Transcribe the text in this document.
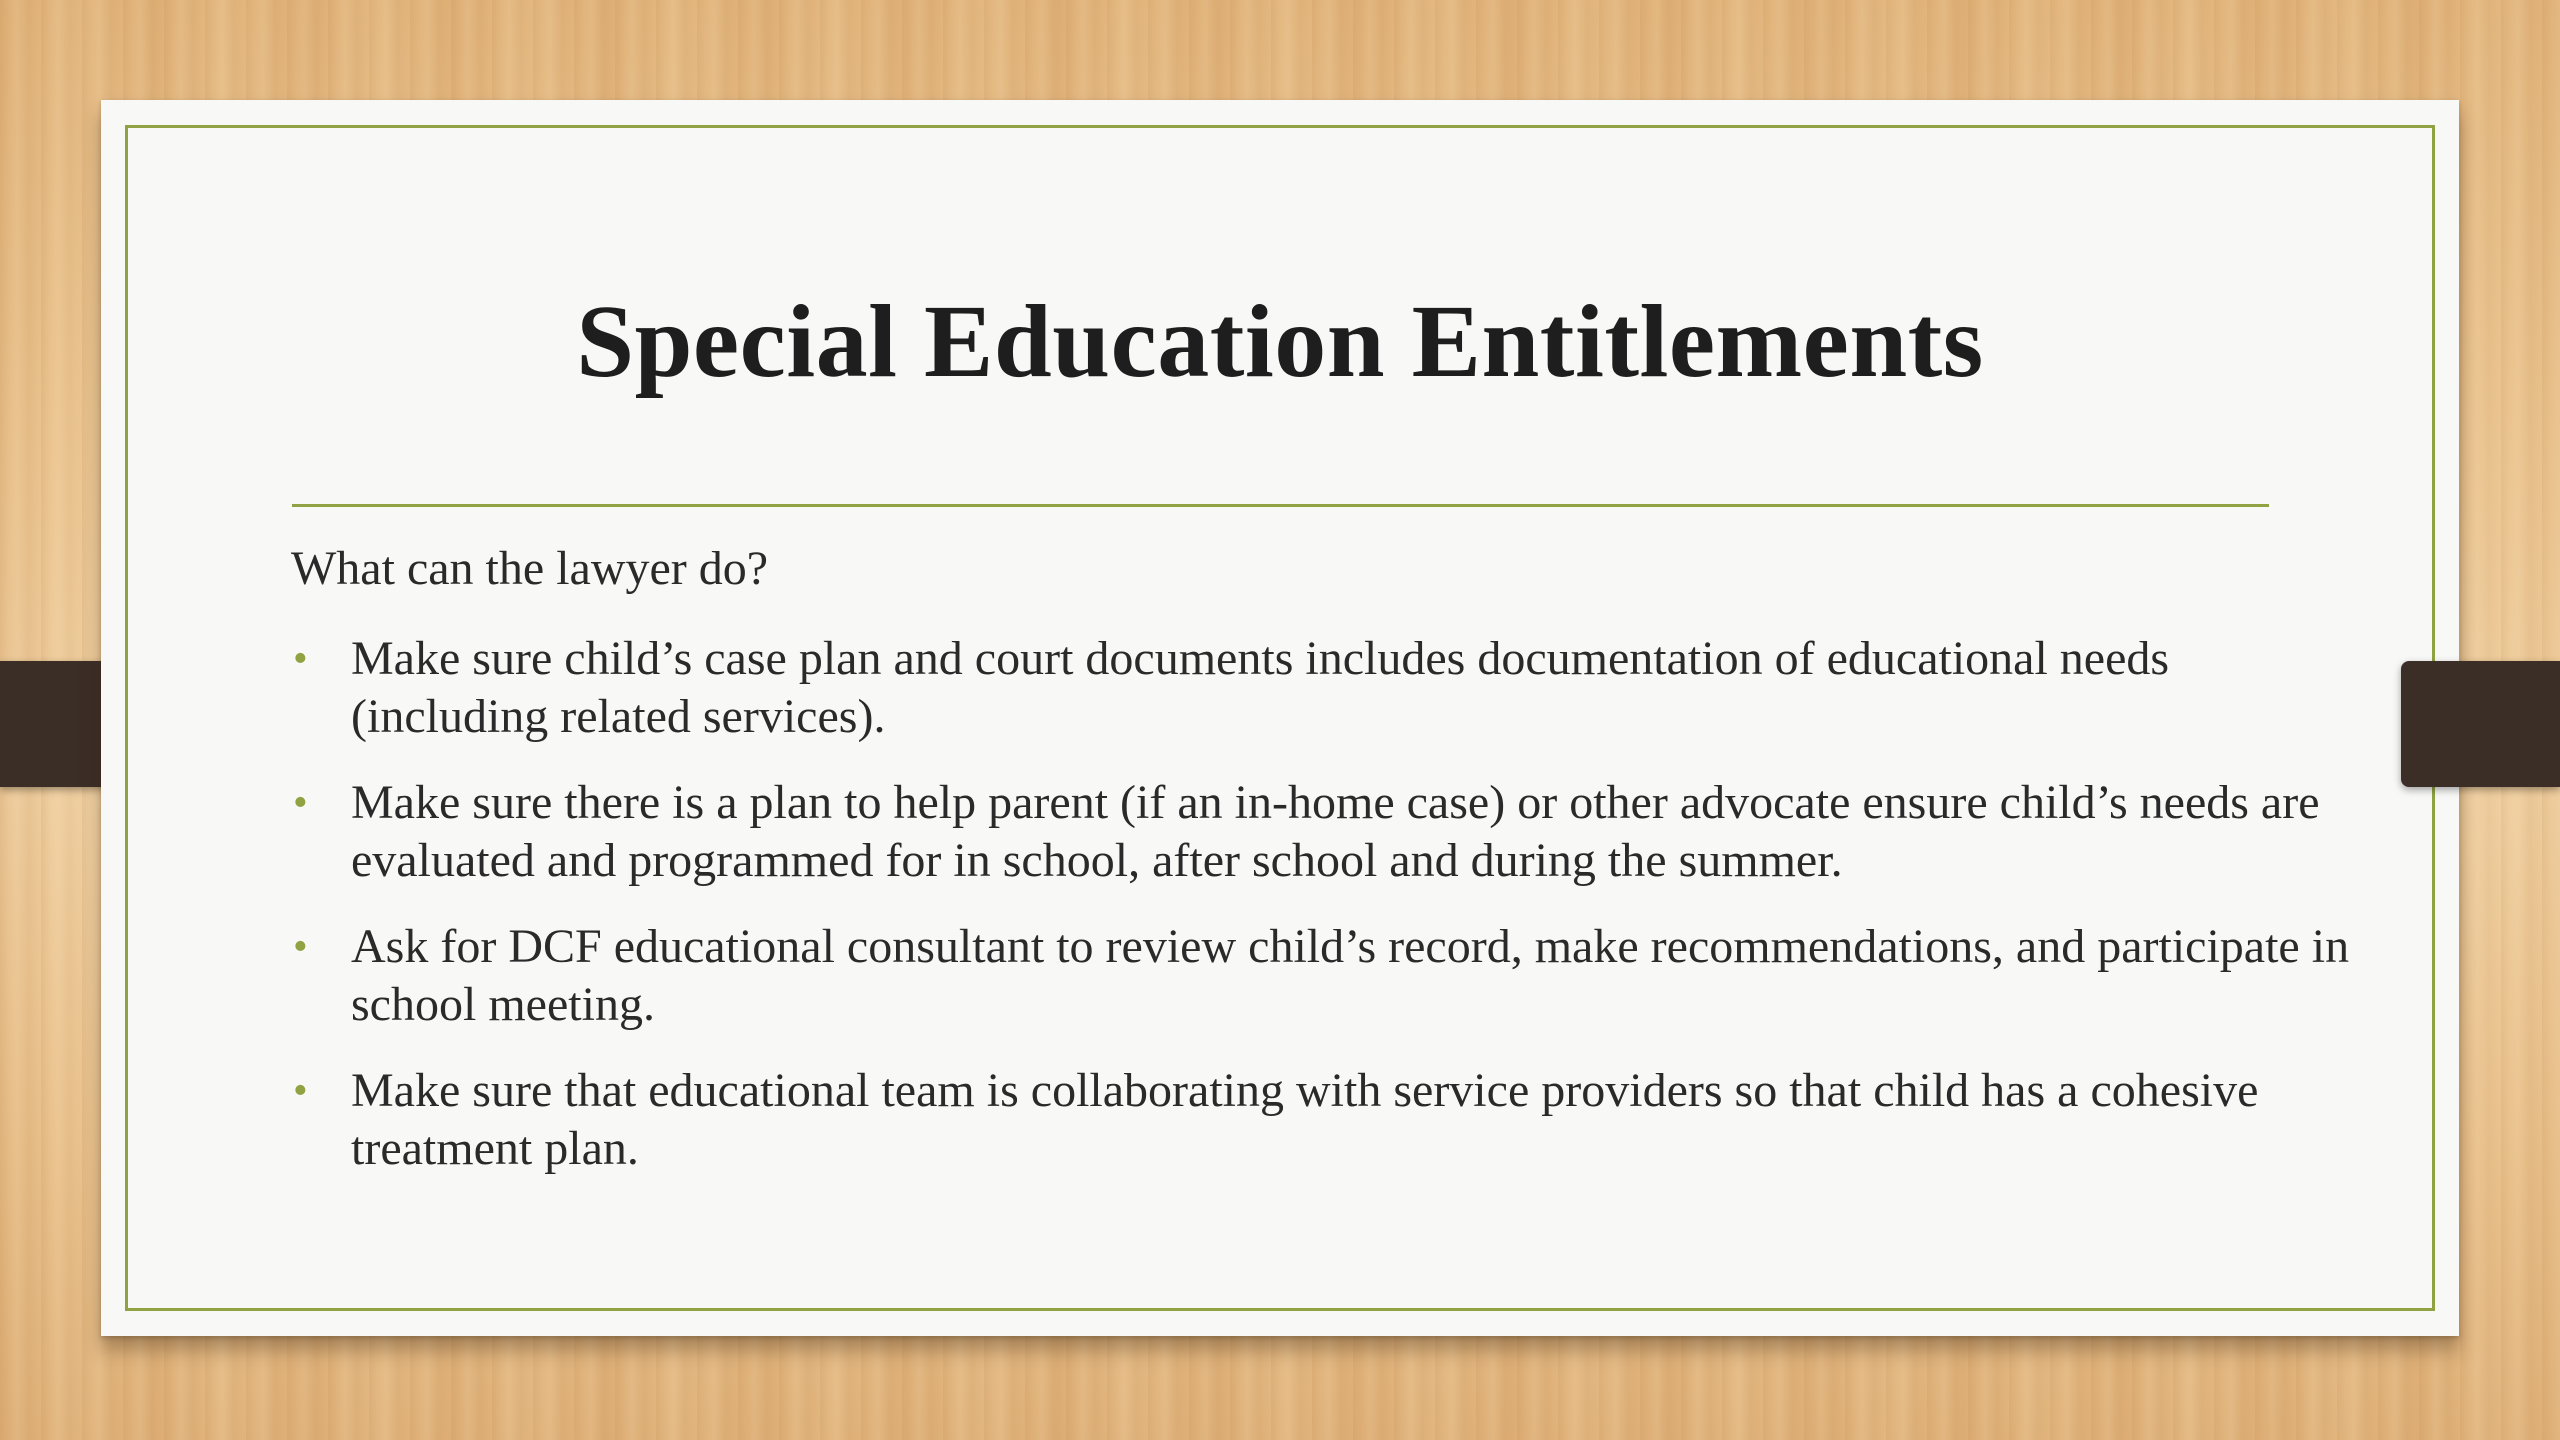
Special Education Entitlements
What can the lawyer do?
• Make sure child’s case plan and court documents includes documentation of educational needs (including related services).
• Make sure there is a plan to help parent (if an in-home case) or other advocate ensure child’s needs are evaluated and programmed for in school, after school and during the summer.
• Ask for DCF educational consultant to review child’s record, make recommendations, and participate in school meeting.
• Make sure that educational team is collaborating with service providers so that child has a cohesive treatment plan.
